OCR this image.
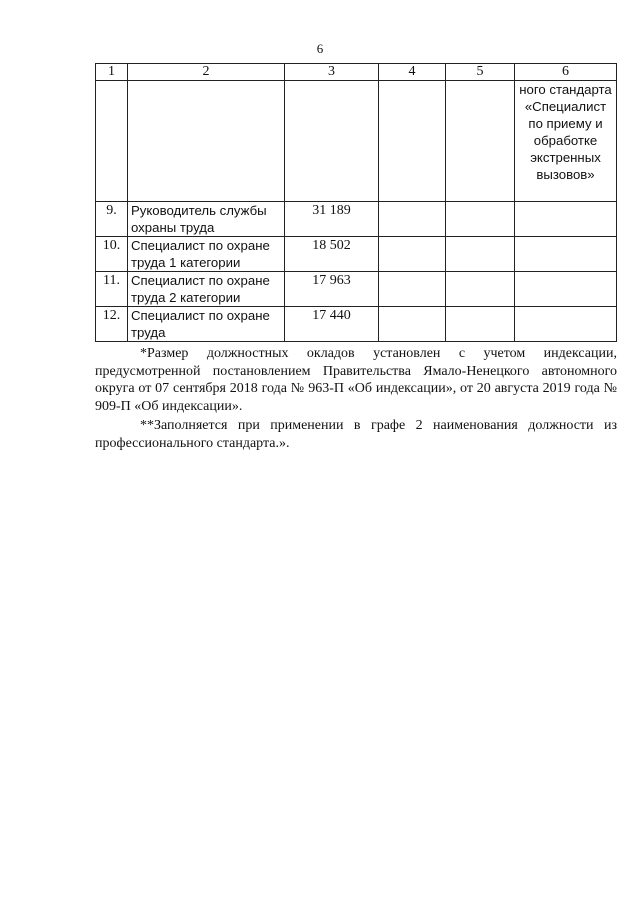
6
1	2	3	4	5	6
					ного стандарта «Специалист по приему и обработке экстренных вызовов»
9.	Руководитель службы охраны труда	31 189			
10.	Специалист по охране труда 1 категории	18 502			
11.	Специалист по охране труда 2 категории	17 963			
12.	Специалист по охране труда	17 440			

*Размер должностных окладов установлен с учетом индексации, предусмотренной постановлением Правительства Ямало-Ненецкого автономного округа от 07 сентября 2018 года № 963-П «Об индексации», от 20 августа 2019 года № 909-П «Об индексации».

**Заполняется при применении в графе 2 наименования должности из профессионального стандарта.».
